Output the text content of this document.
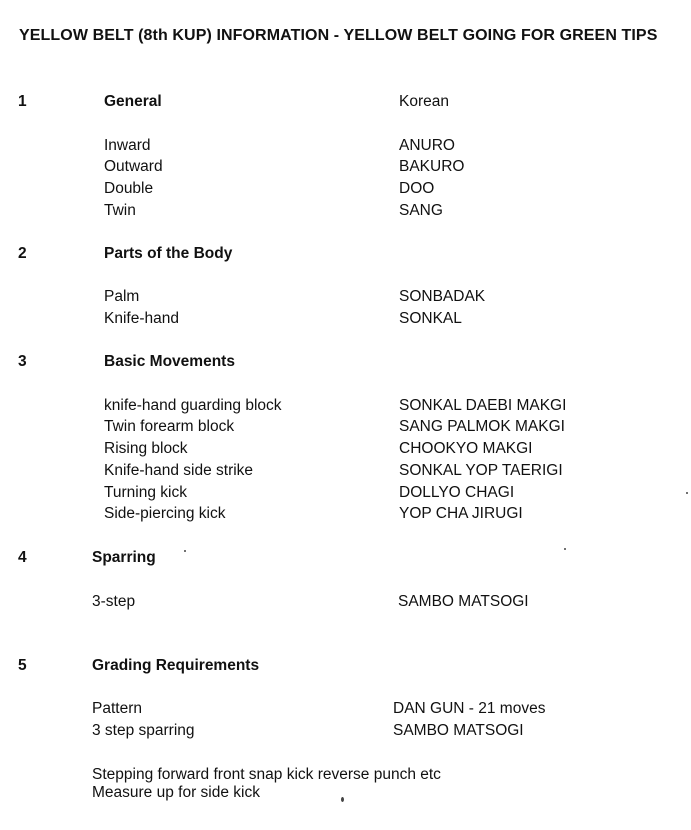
YELLOW BELT (8th KUP) INFORMATION - YELLOW BELT GOING FOR GREEN TIPS
1	General	Korean
Inward	ANURO
Outward	BAKURO
Double	DOO
Twin	SANG
2	Parts of the Body
Palm	SONBADAK
Knife-hand	SONKAL
3	Basic Movements
knife-hand guarding block	SONKAL DAEBI MAKGI
Twin forearm block	SANG PALMOK MAKGI
Rising block	CHOOKYO MAKGI
Knife-hand side strike	SONKAL YOP TAERIGI
Turning kick	DOLLYO CHAGI
Side-piercing kick	YOP CHA JIRUGI
4	Sparring
3-step	SAMBO MATSOGI
5	Grading Requirements
Pattern	DAN GUN - 21 moves
3 step sparring	SAMBO MATSOGI
Stepping forward front snap kick reverse punch etc
Measure up for side kick
